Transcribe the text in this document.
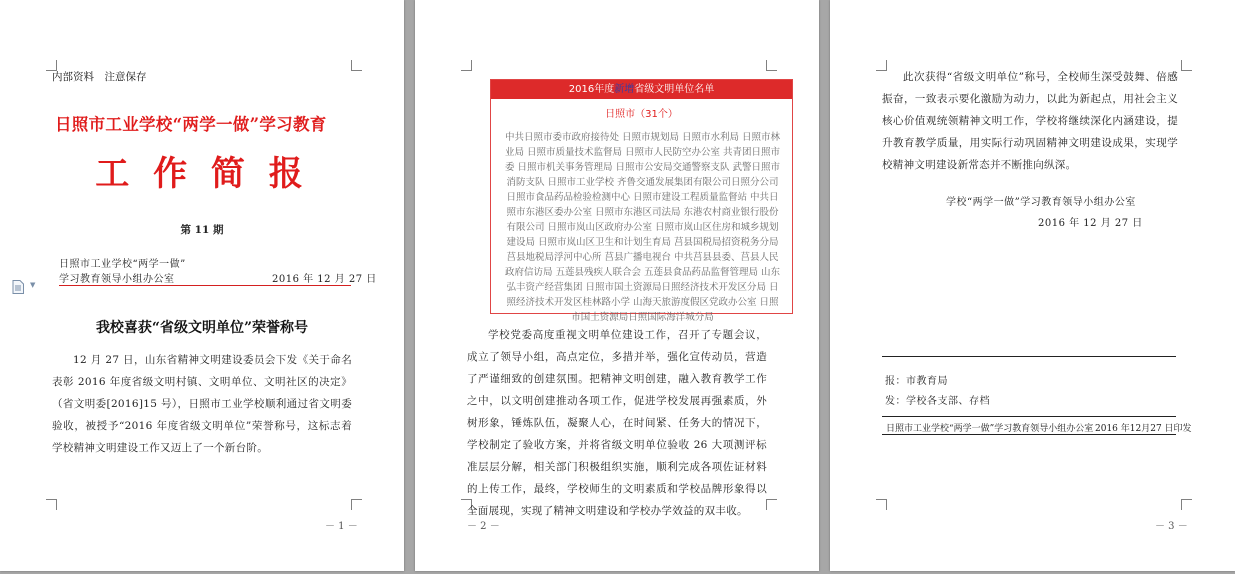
内部资料　注意保存
日照市工业学校“两学一做”学习教育
工 作 简 报
第 11 期
日照市工业学校“两学一做”
学习教育领导小组办公室	2016 年 12 月 27 日
▼
我校喜获“省级文明单位”荣誉称号

12 月 27 日，山东省精神文明建设委员会下发《关于命名表彰 2016 年度省级文明村镇、文明单位、文明社区的决定》（省文明委[2016]15 号），日照市工业学校顺利通过省文明委验收，被授予“2016 年度省级文明单位”荣誉称号，这标志着学校精神文明建设工作又迈上了一个新台阶。

－ 1 －
2016年度新增省级文明单位名单
日照市（31个）
中共日照市委市政府接待处 日照市规划局 日照市水利局 日照市林业局 日照市质量技术监督局 日照市人民防空办公室 共青团日照市委 日照市机关事务管理局 日照市公安局交通警察支队 武警日照市消防支队 日照市工业学校 齐鲁交通发展集团有限公司日照分公司 日照市食品药品检验检测中心 日照市建设工程质量监督站 中共日照市东港区委办公室 日照市东港区司法局 东港农村商业银行股份有限公司 日照市岚山区政府办公室 日照市岚山区住房和城乡规划建设局 日照市岚山区卫生和计划生育局 莒县国税局招资税务分局 莒县地税局浮河中心所 莒县广播电视台 中共莒县县委、莒县人民政府信访局 五莲县残疾人联合会 五莲县食品药品监督管理局 山东弘丰资产经营集团 日照市国土资源局日照经济技术开发区分局 日照经济技术开发区桂林路小学 山海天旅游度假区党政办公室 日照市国土资源局日照国际海洋城分局

学校党委高度重视文明单位建设工作，召开了专题会议，成立了领导小组，高点定位，多措并举，强化宣传动员，营造了严谨细致的创建氛围。把精神文明创建，融入教育教学工作之中，以文明创建推动各项工作，促进学校发展再强素质，外树形象，锤炼队伍，凝聚人心，在时间紧、任务大的情况下，学校制定了验收方案，并将省级文明单位验收 26 大项测评标准层层分解，相关部门积极组织实施，顺利完成各项佐证材料的上传工作，最终，学校师生的文明素质和学校品牌形象得以全面展现，实现了精神文明建设和学校办学效益的双丰收。

－ 2 －

此次获得“省级文明单位”称号，全校师生深受鼓舞、倍感振奋，一致表示要化激励为动力，以此为新起点，用社会主义核心价值观统领精神文明工作，学校将继续深化内涵建设，提升教育教学质量，用实际行动巩固精神文明建设成果，实现学校精神文明建设新常态并不断推向纵深。

学校“两学一做”学习教育领导小组办公室
2016 年 12 月 27 日
报：市教育局
发：学校各支部、存档
日照市工业学校“两学一做”学习教育领导小组办公室 2016 年12月27 日印发
－ 3 －
